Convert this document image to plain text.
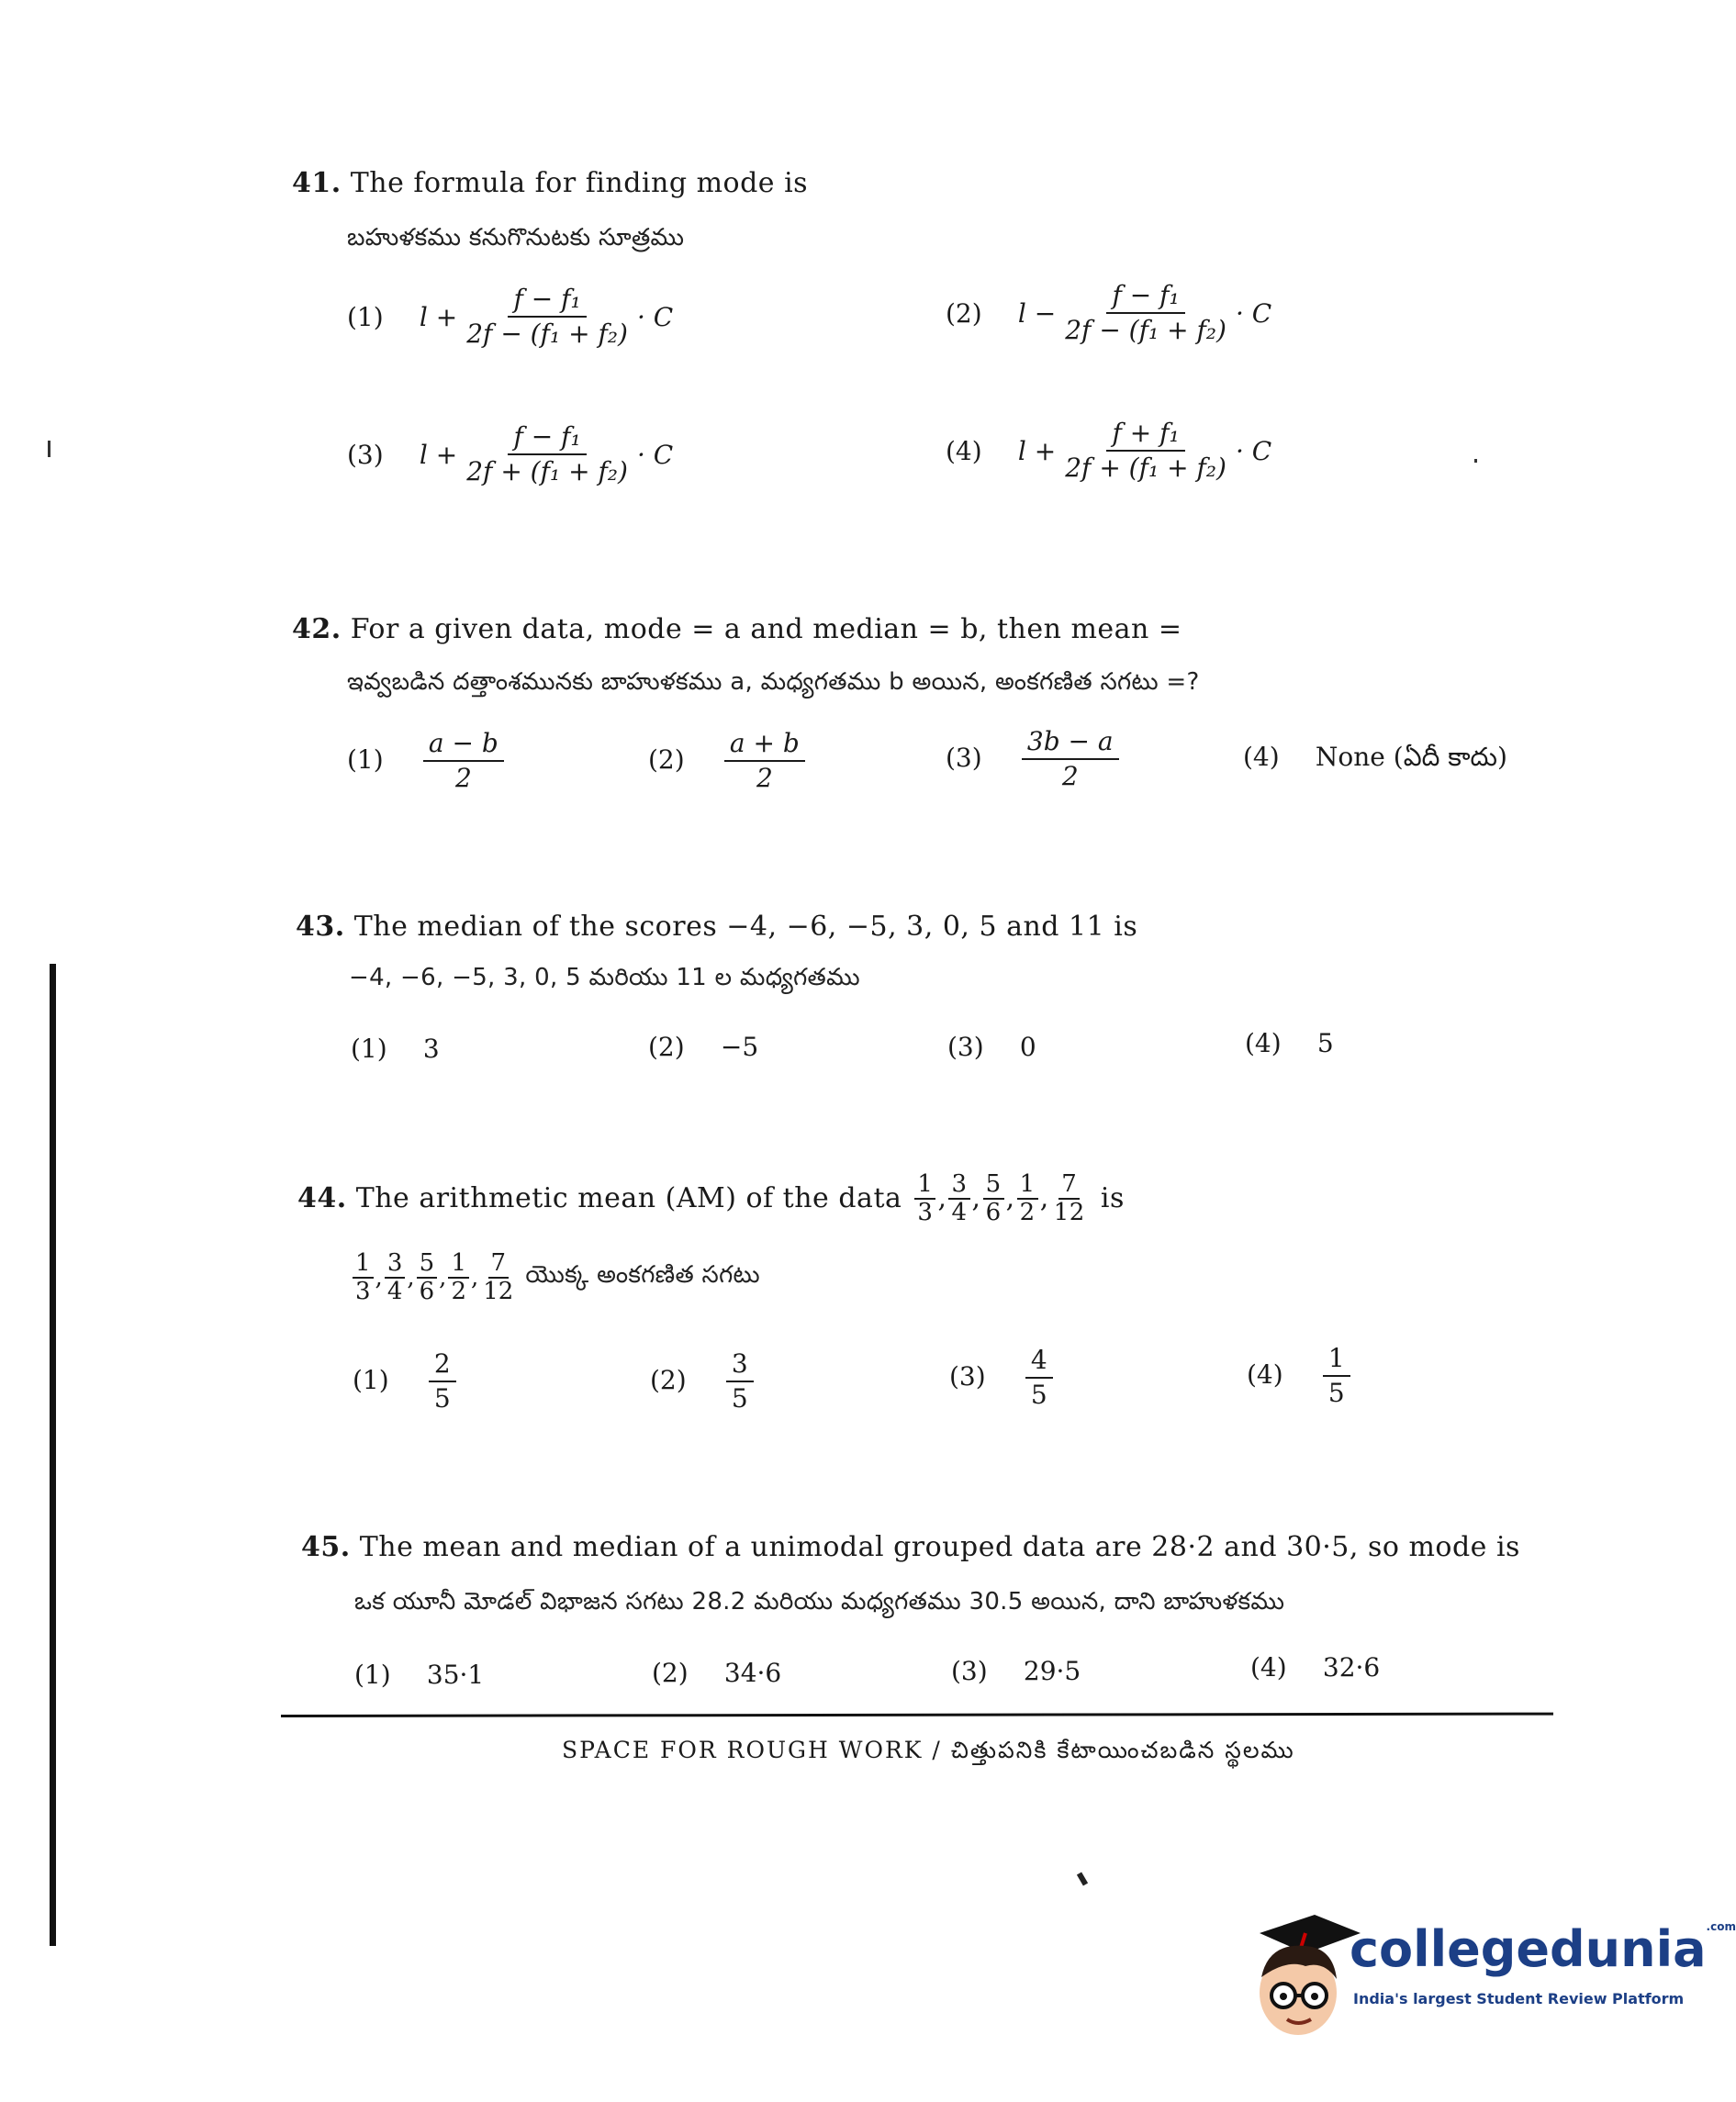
41. The formula for finding mode is
బహుళకము కనుగొనుటకు సూత్రము
(1) $l + \frac{\text{f − f₁}}{\text{2f − (f₁ + f₂)}} \cdot C$	(2) $l - \frac{\text{f − f₁}}{\text{2f − (f₁ + f₂)}} \cdot C$
(3) $l + \frac{\text{f − f₁}}{\text{2f + (f₁ + f₂)}} \cdot C$	(4) $l + \frac{\text{f + f₁}}{\text{2f + (f₁ + f₂)}} \cdot C$
42. For a given data, mode = a and median = b, then mean =
ఇవ్వబడిన దత్తాంశమునకు బాహుళకము a, మధ్యగతము b అయిన, అంకగణిత సగటు =?
$(1) \frac{a - b}{2}$	$(2) \frac{a + b}{2}$	$(3) \frac{3b - a}{2}$	(4) None (ఏదీ కాదు)
43. The median of the scores −4, −6, −5, 3, 0, 5 and 11 is
−4, −6, −5, 3, 0, 5 మరియు 11 ల మధ్యగతము
(1) 3	(2) −5	(3) 0	(4) 5
44. The arithmetic mean (AM) of the data $\frac{1}{3}$ , $\frac{3}{4}$ , $\frac{5}{6}$ , $\frac{1}{2}$ , $\frac{7}{12}$ is
$\frac{1}{3}$ , $\frac{3}{4}$ , $\frac{5}{6}$ , $\frac{1}{2}$ , $\frac{7}{12}$ యొక్క అంకగణిత సగటు
$(1) \frac{2}{5}$	$(2) \frac{3}{5}$	$(3) \frac{4}{5}$	$(4) \frac{1}{5}$
45. The mean and median of a unimodal grouped data are 28·2 and 30·5, so mode is
ఒక యూనీ మోడల్ విభాజన సగటు 28.2 మరియు మధ్యగతము 30.5 అయిన, దాని బాహుళకము
(1) 35·1	(2) 34·6	(3) 29·5	(4) 32·6
SPACE FOR ROUGH WORK / చిత్తుపనికి కేటాయించబడిన స్థలము
collegedunia$^{.com}$
India's largest Student Review Platform
